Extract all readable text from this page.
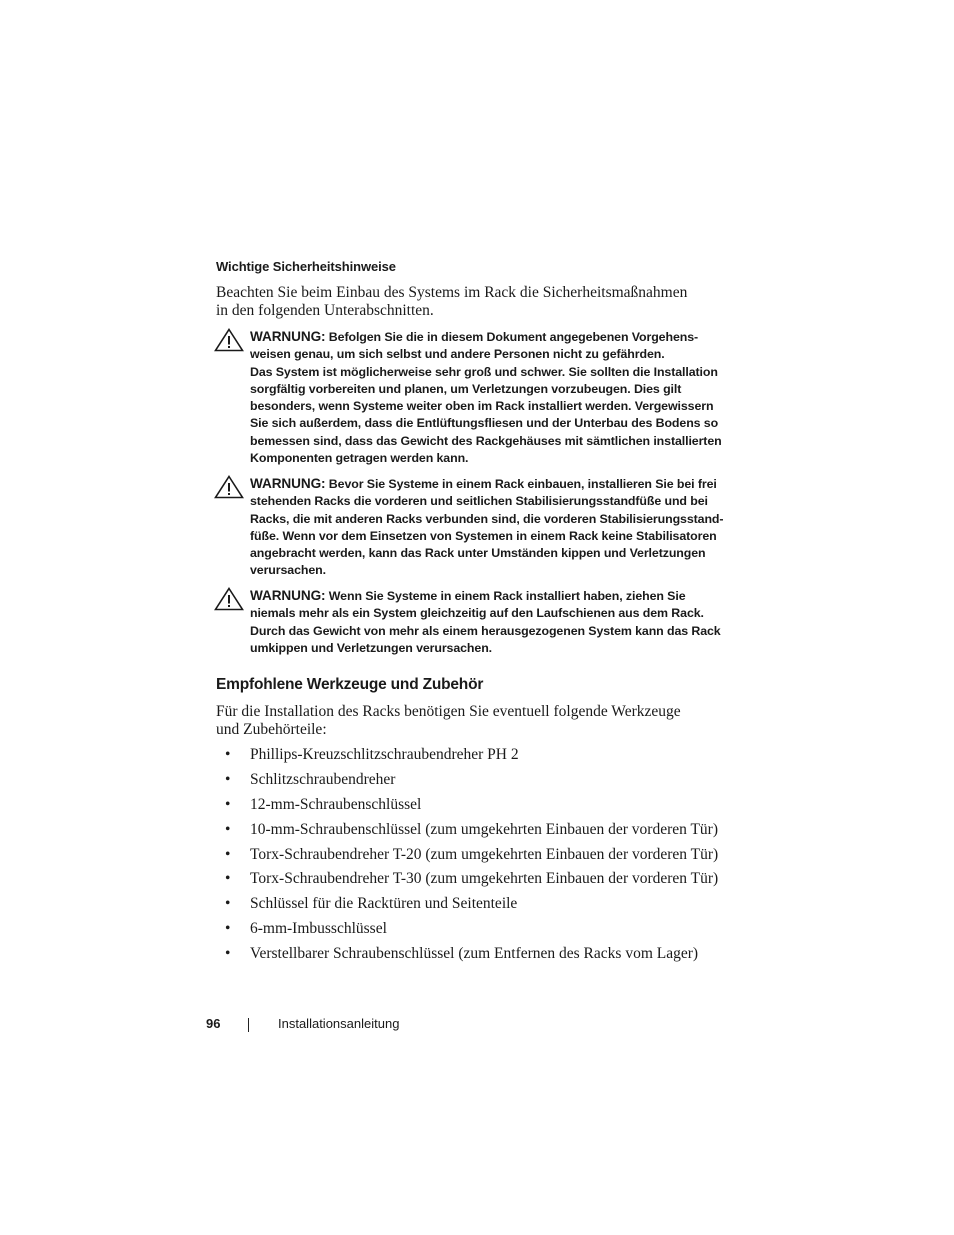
Wichtige Sicherheitshinweise
Beachten Sie beim Einbau des Systems im Rack die Sicherheitsmaßnahmen
in den folgenden Unterabschnitten.
WARNUNG: Befolgen Sie die in diesem Dokument angegebenen Vorgehens-
weisen genau, um sich selbst und andere Personen nicht zu gefährden.
Das System ist möglicherweise sehr groß und schwer. Sie sollten die Installation
sorgfältig vorbereiten und planen, um Verletzungen vorzubeugen. Dies gilt
besonders, wenn Systeme weiter oben im Rack installiert werden. Vergewissern
Sie sich außerdem, dass die Entlüftungsfliesen und der Unterbau des Bodens so
bemessen sind, dass das Gewicht des Rackgehäuses mit sämtlichen installierten
Komponenten getragen werden kann.
WARNUNG: Bevor Sie Systeme in einem Rack einbauen, installieren Sie bei frei
stehenden Racks die vorderen und seitlichen Stabilisierungsstandfüße und bei
Racks, die mit anderen Racks verbunden sind, die vorderen Stabilisierungsstand-
füße. Wenn vor dem Einsetzen von Systemen in einem Rack keine Stabilisatoren
angebracht werden, kann das Rack unter Umständen kippen und Verletzungen
verursachen.
WARNUNG: Wenn Sie Systeme in einem Rack installiert haben, ziehen Sie
niemals mehr als ein System gleichzeitig auf den Laufschienen aus dem Rack.
Durch das Gewicht von mehr als einem herausgezogenen System kann das Rack
umkippen und Verletzungen verursachen.
Empfohlene Werkzeuge und Zubehör
Für die Installation des Racks benötigen Sie eventuell folgende Werkzeuge
und Zubehörteile:
• Phillips-Kreuzschlitzschraubendreher PH 2
• Schlitzschraubendreher
• 12-mm-Schraubenschlüssel
• 10-mm-Schraubenschlüssel (zum umgekehrten Einbauen der vorderen Tür)
• Torx-Schraubendreher T-20 (zum umgekehrten Einbauen der vorderen Tür)
• Torx-Schraubendreher T-30 (zum umgekehrten Einbauen der vorderen Tür)
• Schlüssel für die Racktüren und Seitenteile
• 6-mm-Imbusschlüssel
• Verstellbarer Schraubenschlüssel (zum Entfernen des Racks vom Lager)
96	Installationsanleitung
